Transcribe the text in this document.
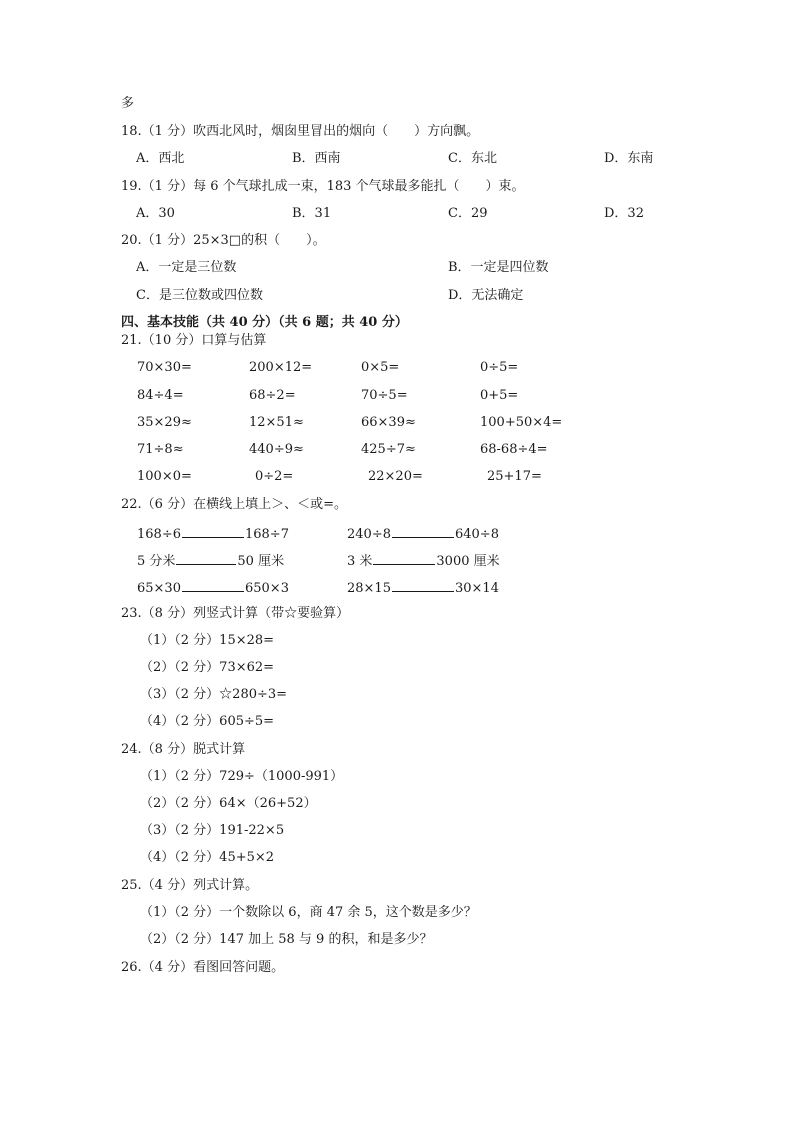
多
18.（1 分）吹西北风时，烟囱里冒出的烟向（　　）方向飘。
A．西北	B．西南	C．东北	D．东南
19.（1 分）每 6 个气球扎成一束，183 个气球最多能扎（　　）束。
A．30	B．31	C．29	D．32
20.（1 分）25×3□的积（　　）。
A．一定是三位数	B．一定是四位数
C．是三位数或四位数	D．无法确定
四、基本技能（共 40 分）（共 6 题；共 40 分）
21.（10 分）口算与估算
70×30=	200×12=	0×5=	0÷5=
84÷4=	68÷2=	70÷5=	0+5=
35×29≈	12×51≈	66×39≈	100+50×4=
71÷8≈	440÷9≈	425÷7≈	68-68÷4=
100×0=	0÷2=	22×20=	25+17=
22.（6 分）在横线上填上＞、＜或=。
168÷6	168÷7	240÷8	640÷8
5 分米	50 厘米	3 米	3000 厘米
65×30	650×3	28×15	30×14
23.（8 分）列竖式计算（带☆要验算）
（1）（2 分）15×28=
（2）（2 分）73×62=
（3）（2 分）☆280÷3=
（4）（2 分）605÷5=
24.（8 分）脱式计算
（1）（2 分）729÷（1000-991）
（2）（2 分）64×（26+52）
（3）（2 分）191-22×5
（4）（2 分）45+5×2
25.（4 分）列式计算。
（1）（2 分）一个数除以 6，商 47 余 5，这个数是多少？
（2）（2 分）147 加上 58 与 9 的积，和是多少？
26.（4 分）看图回答问题。
